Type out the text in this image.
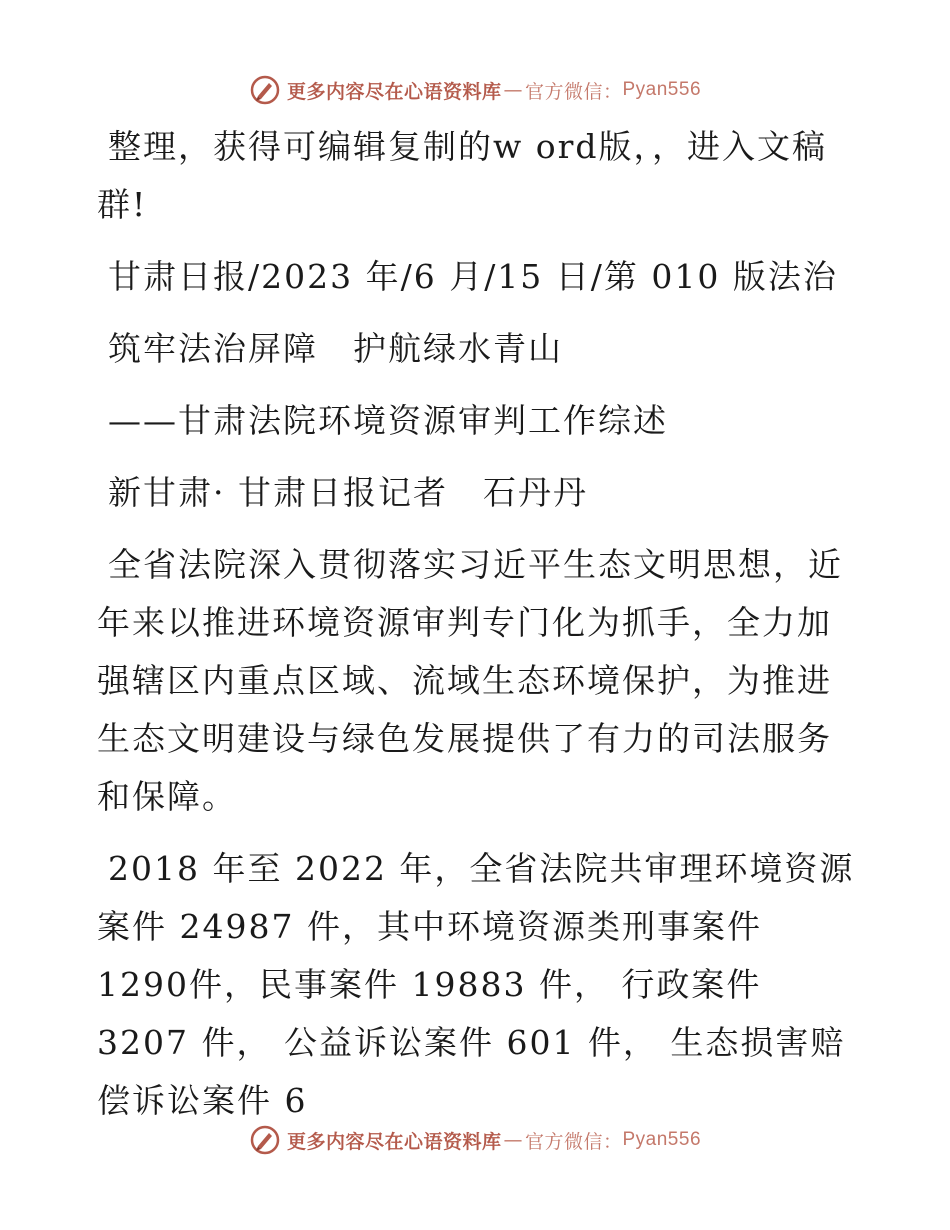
更多内容尽在心语资料库 — 官方微信： Pyan556

整理，获得可编辑复制的w ord版，，进入文稿群!

甘肃日报/2023 年/6 月/15 日/第 010 版法治

筑牢法治屏障　护航绿水青山

——甘肃法院环境资源审判工作综述

新甘肃· 甘肃日报记者　石丹丹

全省法院深入贯彻落实习近平生态文明思想，近年来以推进环境资源审判专门化为抓手，全力加强辖区内重点区域、流域生态环境保护，为推进生态文明建设与绿色发展提供了有力的司法服务和保障。

2018 年至 2022 年，全省法院共审理环境资源案件 24987 件，其中环境资源类刑事案件 1290件，民事案件 19883 件， 行政案件 3207 件， 公益诉讼案件 601 件， 生态损害赔偿诉讼案件 6

更多内容尽在心语资料库 — 官方微信： Pyan556
